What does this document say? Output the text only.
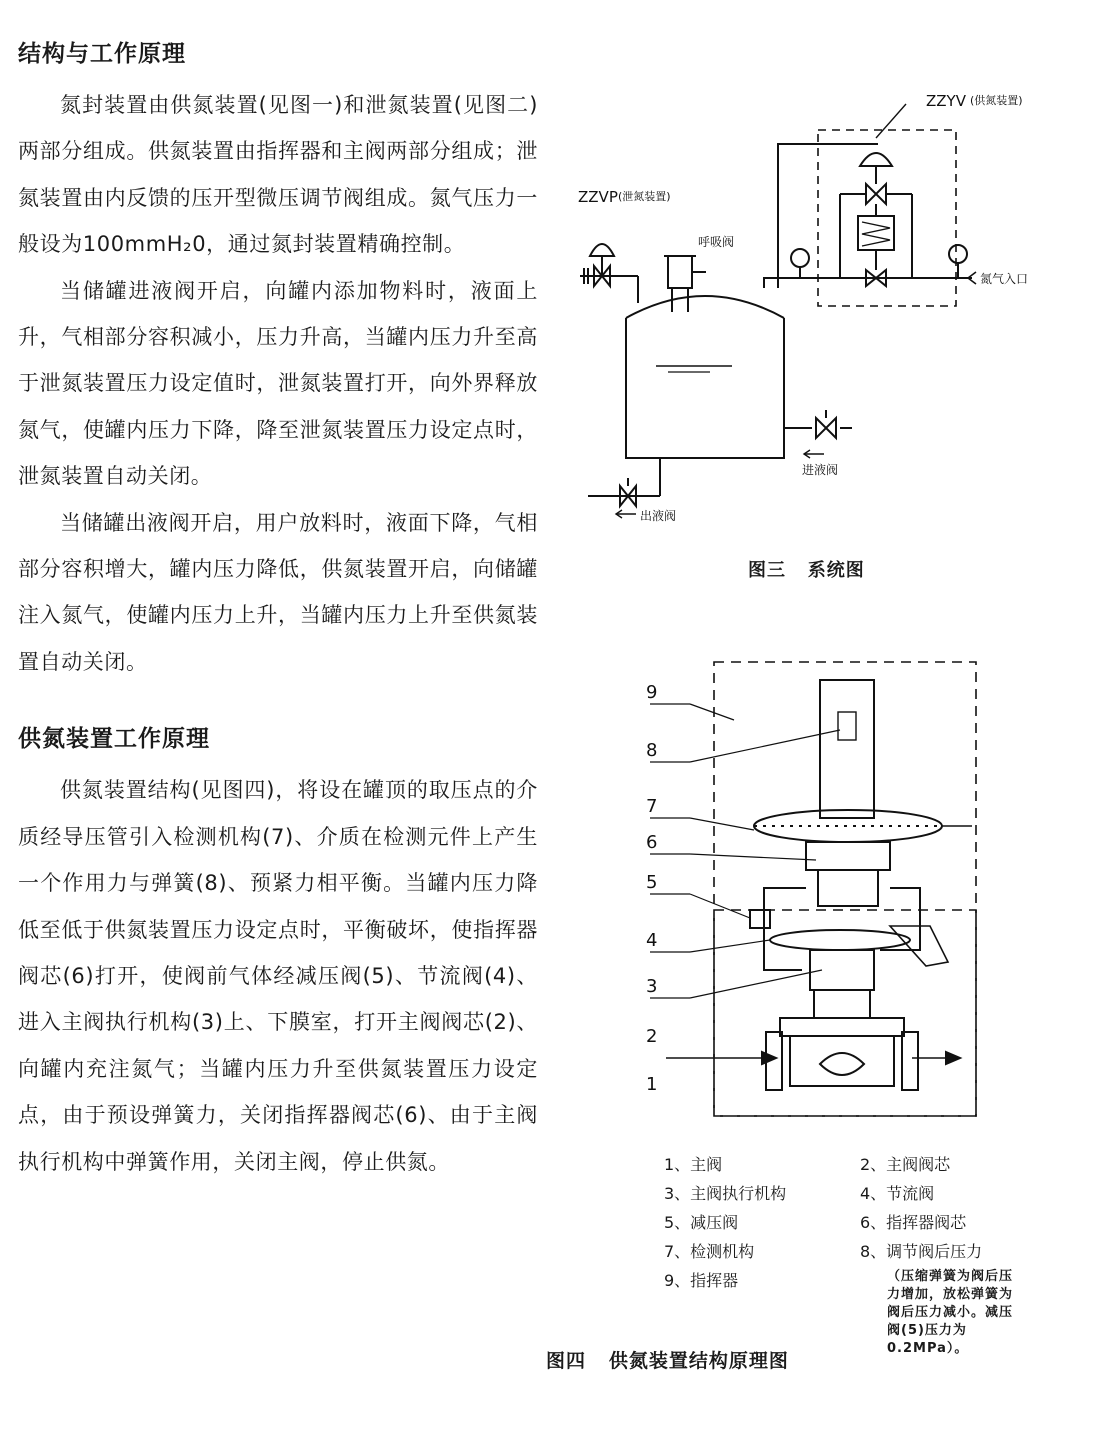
结构与工作原理

氮封装置由供氮装置(见图一)和泄氮装置(见图二)两部分组成。供氮装置由指挥器和主阀两部分组成；泄氮装置由内反馈的压开型微压调节阀组成。氮气压力一般设为100mmH₂0，通过氮封装置精确控制。

当储罐进液阀开启，向罐内添加物料时，液面上升，气相部分容积减小，压力升高，当罐内压力升至高于泄氮装置压力设定值时，泄氮装置打开，向外界释放氮气，使罐内压力下降，降至泄氮装置压力设定点时，泄氮装置自动关闭。

当储罐出液阀开启，用户放料时，液面下降，气相部分容积增大，罐内压力降低，供氮装置开启，向储罐注入氮气，使罐内压力上升，当罐内压力上升至供氮装置自动关闭。

供氮装置工作原理

供氮装置结构(见图四)，将设在罐顶的取压点的介质经导压管引入检测机构(7)、介质在检测元件上产生一个作用力与弹簧(8)、预紧力相平衡。当罐内压力降低至低于供氮装置压力设定点时，平衡破坏，使指挥器阀芯(6)打开，使阀前气体经减压阀(5)、节流阀(4)、进入主阀执行机构(3)上、下膜室，打开主阀阀芯(2)、向罐内充注氮气；当罐内压力升至供氮装置压力设定点，由于预设弹簧力，关闭指挥器阀芯(6)、由于主阀执行机构中弹簧作用，关闭主阀，停止供氮。

ZZYV (供氮装置)
ZZVP (泄氮装置)
呼吸阀
氮气入口
进液阀
出液阀
图三   系统图
9
8
7
6
5
4
3
2
1
1、主阀	2、主阀阀芯
3、主阀执行机构	4、节流阀
5、减压阀	6、指挥器阀芯
7、检测机构	8、调节阀后压力
9、指挥器	（压缩弹簧为阀后压力增加，放松弹簧为阀后压力减小。减压阀(5)压力为0.2MPa）。
图四   供氮装置结构原理图
